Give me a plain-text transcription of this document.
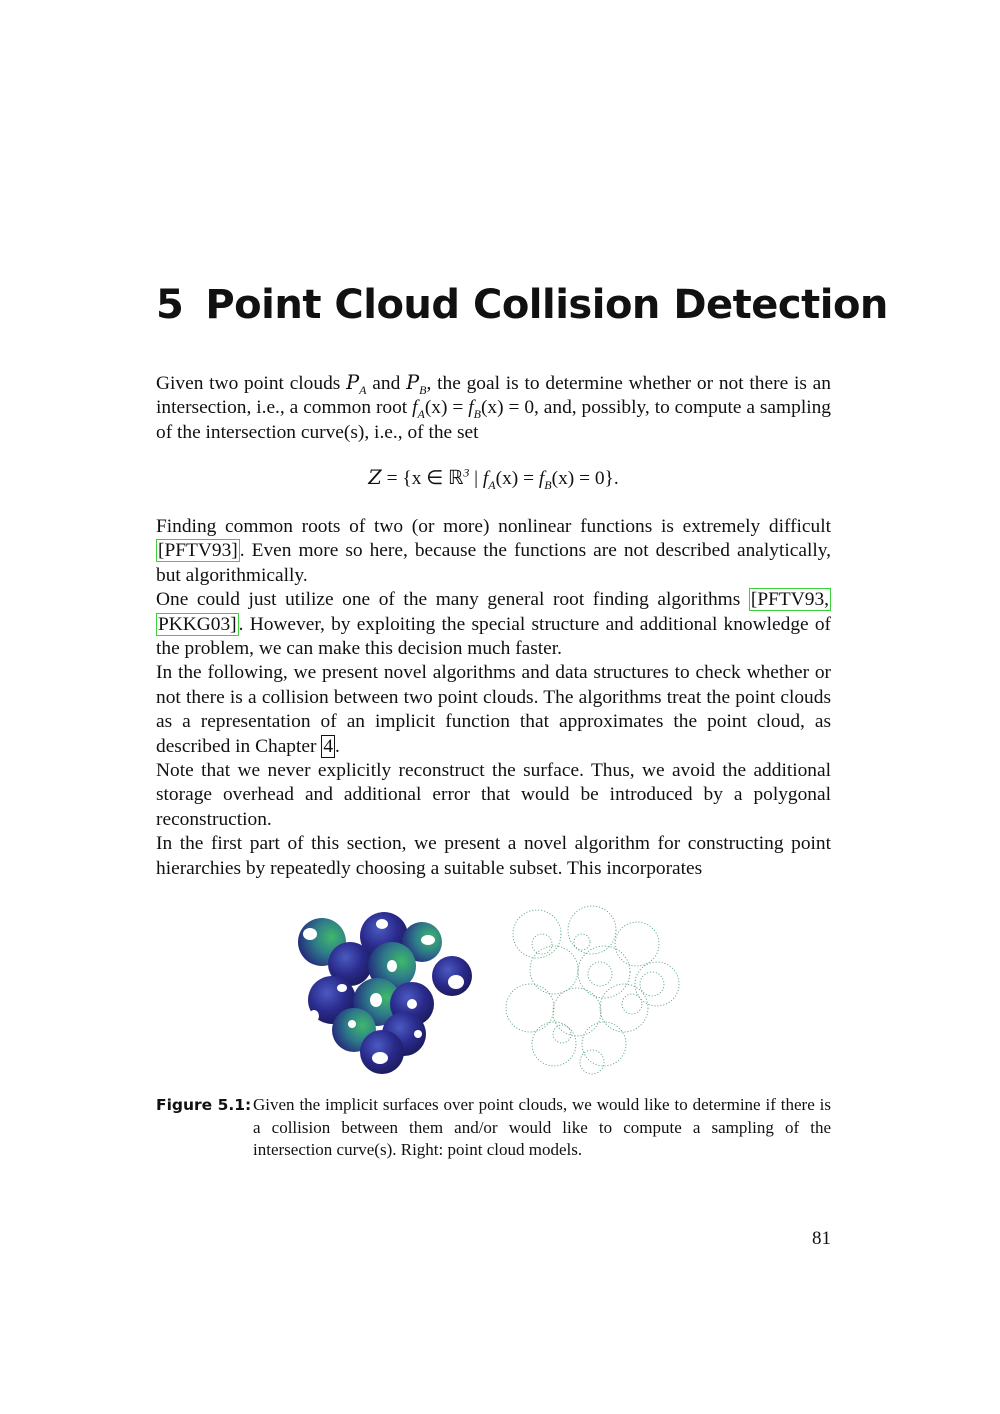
5 Point Cloud Collision Detection

Given two point clouds $P_A$ and $P_B$, the goal is to determine whether or not there is an intersection, i.e., a common root $f_A(x) = f_B(x) = 0$, and, possibly, to compute a sampling of the intersection curve(s), i.e., of the set

Z = {x ∈ ℝ$^3$ | $f_A(x) = f_B(x) = 0$}.

Finding common roots of two (or more) nonlinear functions is extremely difficult [PFTV93] . Even more so here, because the functions are not described analytically, but algorithmically.

One could just utilize one of the many general root finding algorithms [PFTV93, PKKG03] . However, by exploiting the special structure and additional knowledge of the problem, we can make this decision much faster.

In the following, we present novel algorithms and data structures to check whether or not there is a collision between two point clouds. The algorithms treat the point clouds as a representation of an implicit function that approximates the point cloud, as described in Chapter 4 .

Note that we never explicitly reconstruct the surface. Thus, we avoid the additional storage overhead and additional error that would be introduced by a polygonal reconstruction.

In the first part of this section, we present a novel algorithm for constructing point hierarchies by repeatedly choosing a suitable subset. This incorporates

Figure 5.1: Given the implicit surfaces over point clouds, we would like to determine if there is a collision between them and/or would like to compute a sampling of the intersection curve(s). Right: point cloud models.
81
